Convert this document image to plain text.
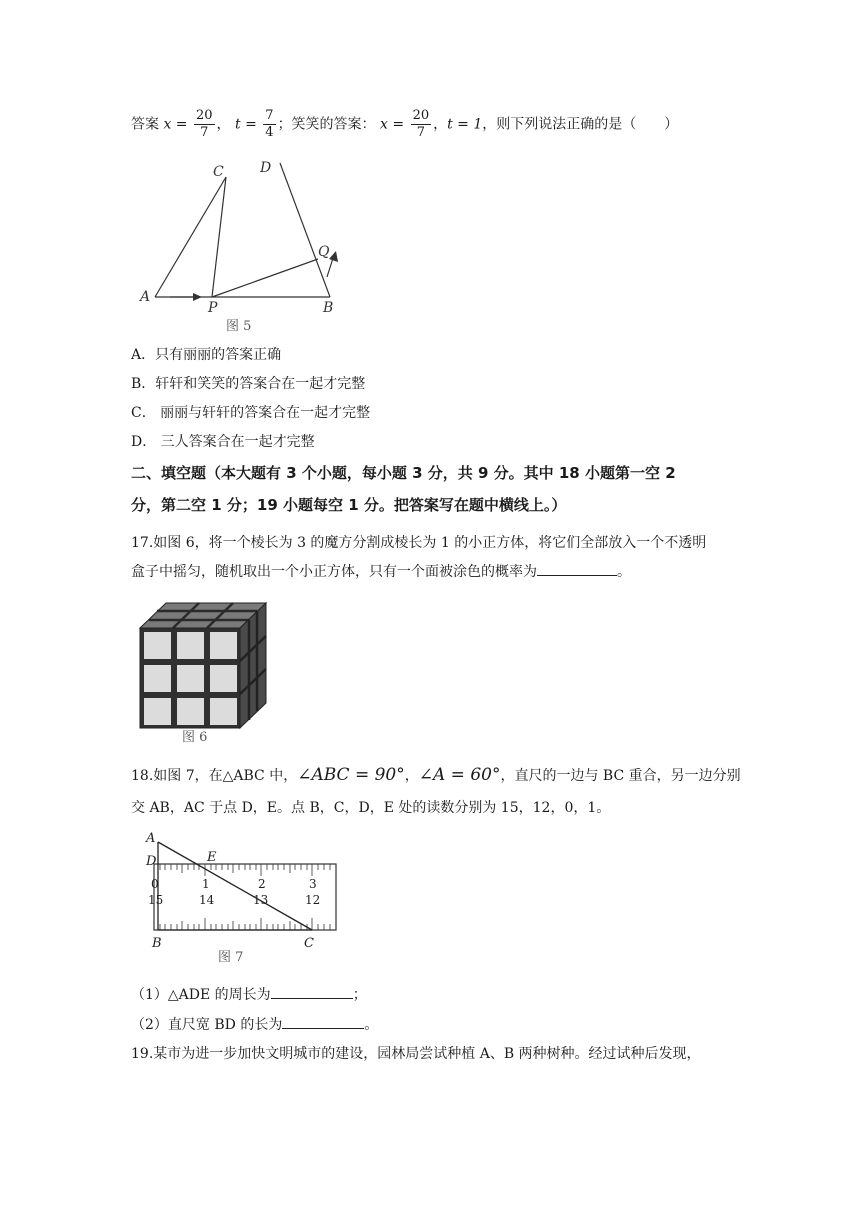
答案 $x = \frac{20}{7}$ ， $t = \frac{7}{4}$ ；笑笑的答案： $x = \frac{20}{7}$ ，t = 1，则下列说法正确的是（　　）
A
B
C	D
P
Q
图 5
A．只有丽丽的答案正确
B．轩轩和笑笑的答案合在一起才完整
C． 丽丽与轩轩的答案合在一起才完整
D． 三人答案合在一起才完整
二、填空题（本大题有 3 个小题，每小题 3 分，共 9 分。其中 18 小题第一空 2
分，第二空 1 分；19 小题每空 1 分。把答案写在题中横线上。）
17.如图 6，将一个棱长为 3 的魔方分割成棱长为 1 的小正方体，将它们全部放入一个不透明
盒子中摇匀，随机取出一个小正方体，只有一个面被涂色的概率为	。
图 6
18.如图 7，在△ABC 中，∠ABC = 90°，∠A = 60°，直尺的一边与 BC 重合，另一边分别
交 AB，AC 于点 D，E。点 B，C，D，E 处的读数分别为 15，12，0，1。
A
D	E
B	C
0	1	2	3
15	14	13	12
图 7
（1）△ADE 的周长为	；
（2）直尺宽 BD 的长为	。
19.某市为进一步加快文明城市的建设，园林局尝试种植 A、B 两种树种。经过试种后发现，
